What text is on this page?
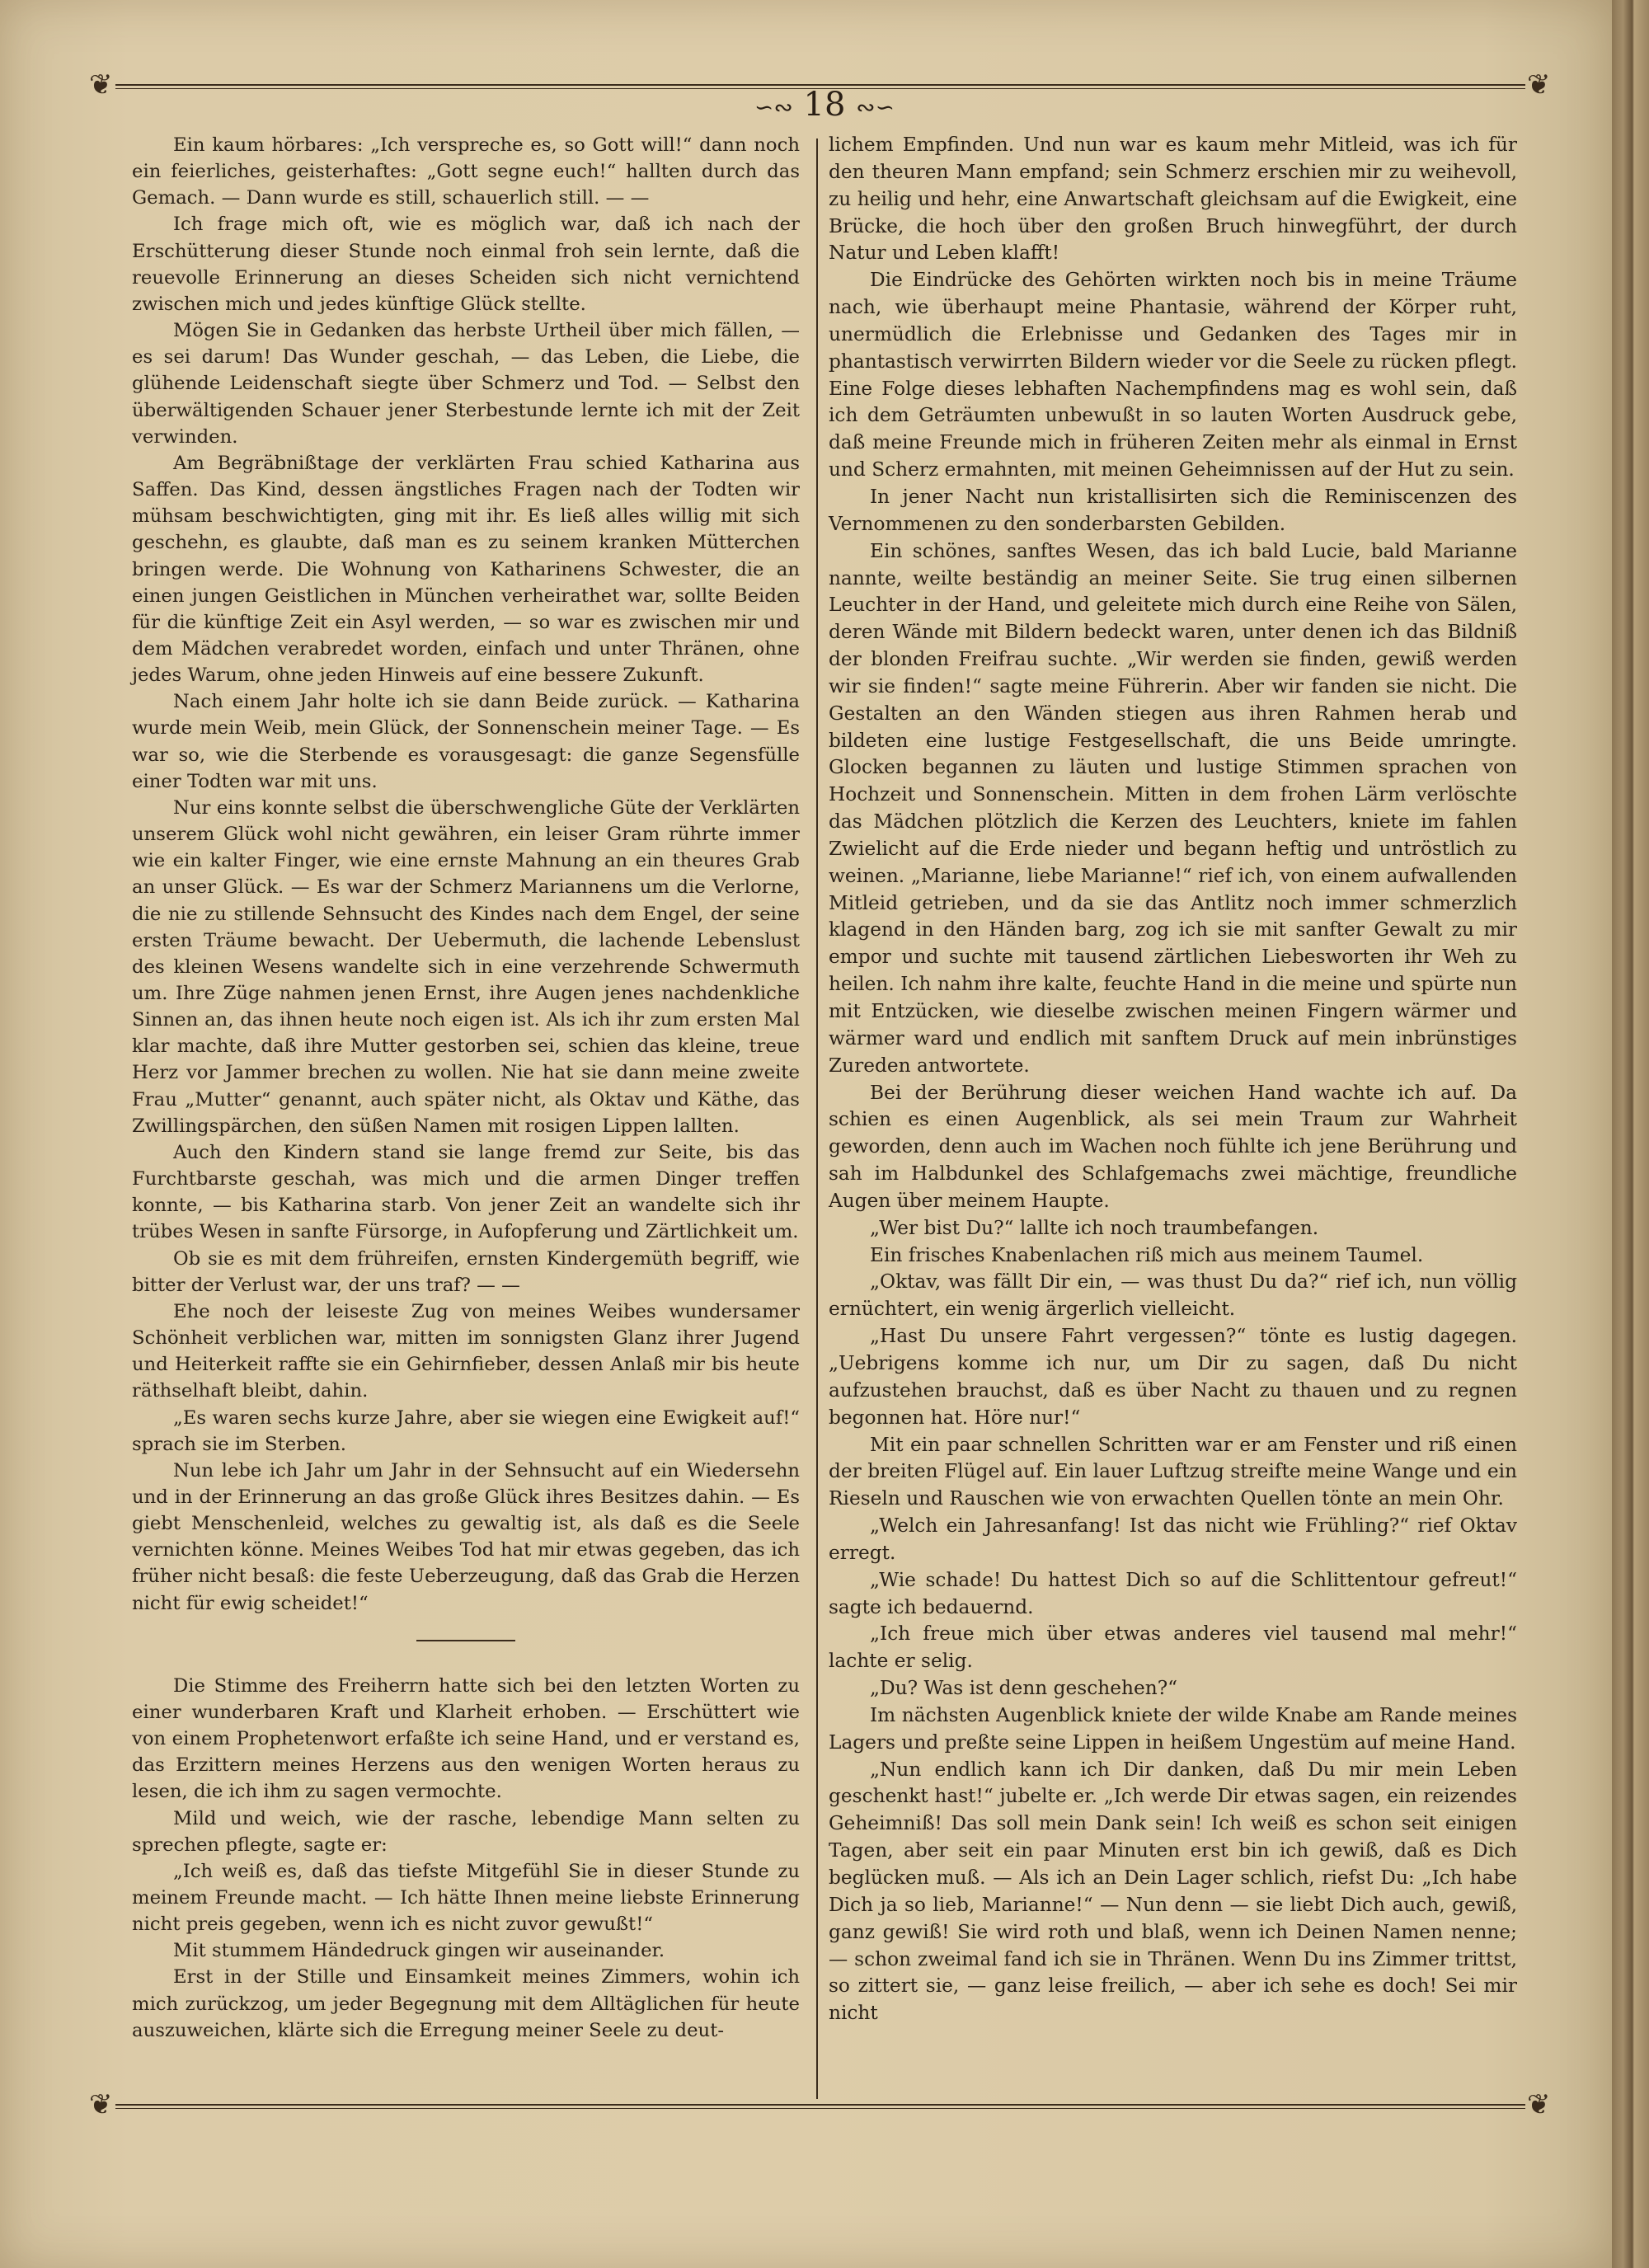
❦	❦
❦	❦
∽∾ 18 ∾∽

Ein kaum hörbares: „Ich verspreche es, so Gott will!“ dann noch ein feierliches, geisterhaftes: „Gott segne euch!“ hallten durch das Gemach. — Dann wurde es still, schauerlich still. — —

Ich frage mich oft, wie es möglich war, daß ich nach der Erschütterung dieser Stunde noch einmal froh sein lernte, daß die reuevolle Erinnerung an dieses Scheiden sich nicht vernichtend zwischen mich und jedes künftige Glück stellte.

Mögen Sie in Gedanken das herbste Urtheil über mich fällen, — es sei darum! Das Wunder geschah, — das Leben, die Liebe, die glühende Leidenschaft siegte über Schmerz und Tod. — Selbst den überwältigenden Schauer jener Sterbestunde lernte ich mit der Zeit verwinden.

Am Begräbnißtage der verklärten Frau schied Katharina aus Saffen. Das Kind, dessen ängstliches Fragen nach der Todten wir mühsam beschwichtigten, ging mit ihr. Es ließ alles willig mit sich geschehn, es glaubte, daß man es zu seinem kranken Mütterchen bringen werde. Die Wohnung von Katharinens Schwester, die an einen jungen Geistlichen in München verheirathet war, sollte Beiden für die künftige Zeit ein Asyl werden, — so war es zwischen mir und dem Mädchen verabredet worden, einfach und unter Thränen, ohne jedes Warum, ohne jeden Hinweis auf eine bessere Zukunft.

Nach einem Jahr holte ich sie dann Beide zurück. — Katharina wurde mein Weib, mein Glück, der Sonnenschein meiner Tage. — Es war so, wie die Sterbende es vorausgesagt: die ganze Segensfülle einer Todten war mit uns.

Nur eins konnte selbst die überschwengliche Güte der Verklärten unserem Glück wohl nicht gewähren, ein leiser Gram rührte immer wie ein kalter Finger, wie eine ernste Mahnung an ein theures Grab an unser Glück. — Es war der Schmerz Mariannens um die Verlorne, die nie zu stillende Sehnsucht des Kindes nach dem Engel, der seine ersten Träume bewacht. Der Uebermuth, die lachende Lebenslust des kleinen Wesens wandelte sich in eine verzehrende Schwermuth um. Ihre Züge nahmen jenen Ernst, ihre Augen jenes nachdenkliche Sinnen an, das ihnen heute noch eigen ist. Als ich ihr zum ersten Mal klar machte, daß ihre Mutter gestorben sei, schien das kleine, treue Herz vor Jammer brechen zu wollen. Nie hat sie dann meine zweite Frau „Mutter“ genannt, auch später nicht, als Oktav und Käthe, das Zwillingspärchen, den süßen Namen mit rosigen Lippen lallten.

Auch den Kindern stand sie lange fremd zur Seite, bis das Furchtbarste geschah, was mich und die armen Dinger treffen konnte, — bis Katharina starb. Von jener Zeit an wandelte sich ihr trübes Wesen in sanfte Fürsorge, in Aufopferung und Zärtlichkeit um.

Ob sie es mit dem frühreifen, ernsten Kindergemüth begriff, wie bitter der Verlust war, der uns traf? — —

Ehe noch der leiseste Zug von meines Weibes wundersamer Schönheit verblichen war, mitten im sonnigsten Glanz ihrer Jugend und Heiterkeit raffte sie ein Gehirnfieber, dessen Anlaß mir bis heute räthselhaft bleibt, dahin.

„Es waren sechs kurze Jahre, aber sie wiegen eine Ewigkeit auf!“ sprach sie im Sterben.

Nun lebe ich Jahr um Jahr in der Sehnsucht auf ein Wiedersehn und in der Erinnerung an das große Glück ihres Besitzes dahin. — Es giebt Menschenleid, welches zu gewaltig ist, als daß es die Seele vernichten könne. Meines Weibes Tod hat mir etwas gegeben, das ich früher nicht besaß: die feste Ueberzeugung, daß das Grab die Herzen nicht für ewig scheidet!“

Die Stimme des Freiherrn hatte sich bei den letzten Worten zu einer wunderbaren Kraft und Klarheit erhoben. — Erschüttert wie von einem Prophetenwort erfaßte ich seine Hand, und er verstand es, das Erzittern meines Herzens aus den wenigen Worten heraus zu lesen, die ich ihm zu sagen vermochte.

Mild und weich, wie der rasche, lebendige Mann selten zu sprechen pflegte, sagte er:

„Ich weiß es, daß das tiefste Mitgefühl Sie in dieser Stunde zu meinem Freunde macht. — Ich hätte Ihnen meine liebste Erinnerung nicht preis gegeben, wenn ich es nicht zuvor gewußt!“

Mit stummem Händedruck gingen wir auseinander.

Erst in der Stille und Einsamkeit meines Zimmers, wohin ich mich zurückzog, um jeder Begegnung mit dem Alltäglichen für heute auszuweichen, klärte sich die Erregung meiner Seele zu deut-

lichem Empfinden. Und nun war es kaum mehr Mitleid, was ich für den theuren Mann empfand; sein Schmerz erschien mir zu weihevoll, zu heilig und hehr, eine Anwartschaft gleichsam auf die Ewigkeit, eine Brücke, die hoch über den großen Bruch hinwegführt, der durch Natur und Leben klafft!

Die Eindrücke des Gehörten wirkten noch bis in meine Träume nach, wie überhaupt meine Phantasie, während der Körper ruht, unermüdlich die Erlebnisse und Gedanken des Tages mir in phantastisch verwirrten Bildern wieder vor die Seele zu rücken pflegt. Eine Folge dieses lebhaften Nachempfindens mag es wohl sein, daß ich dem Geträumten unbewußt in so lauten Worten Ausdruck gebe, daß meine Freunde mich in früheren Zeiten mehr als einmal in Ernst und Scherz ermahnten, mit meinen Geheimnissen auf der Hut zu sein.

In jener Nacht nun kristallisirten sich die Reminiscenzen des Vernommenen zu den sonderbarsten Gebilden.

Ein schönes, sanftes Wesen, das ich bald Lucie, bald Marianne nannte, weilte beständig an meiner Seite. Sie trug einen silbernen Leuchter in der Hand, und geleitete mich durch eine Reihe von Sälen, deren Wände mit Bildern bedeckt waren, unter denen ich das Bildniß der blonden Freifrau suchte. „Wir werden sie finden, gewiß werden wir sie finden!“ sagte meine Führerin. Aber wir fanden sie nicht. Die Gestalten an den Wänden stiegen aus ihren Rahmen herab und bildeten eine lustige Festgesellschaft, die uns Beide umringte. Glocken begannen zu läuten und lustige Stimmen sprachen von Hochzeit und Sonnenschein. Mitten in dem frohen Lärm verlöschte das Mädchen plötzlich die Kerzen des Leuchters, kniete im fahlen Zwielicht auf die Erde nieder und begann heftig und untröstlich zu weinen. „Marianne, liebe Marianne!“ rief ich, von einem aufwallenden Mitleid getrieben, und da sie das Antlitz noch immer schmerzlich klagend in den Händen barg, zog ich sie mit sanfter Gewalt zu mir empor und suchte mit tausend zärtlichen Liebesworten ihr Weh zu heilen. Ich nahm ihre kalte, feuchte Hand in die meine und spürte nun mit Entzücken, wie dieselbe zwischen meinen Fingern wärmer und wärmer ward und endlich mit sanftem Druck auf mein inbrünstiges Zureden antwortete.

Bei der Berührung dieser weichen Hand wachte ich auf. Da schien es einen Augenblick, als sei mein Traum zur Wahrheit geworden, denn auch im Wachen noch fühlte ich jene Berührung und sah im Halbdunkel des Schlafgemachs zwei mächtige, freundliche Augen über meinem Haupte.

„Wer bist Du?“ lallte ich noch traumbefangen.

Ein frisches Knabenlachen riß mich aus meinem Taumel.

„Oktav, was fällt Dir ein, — was thust Du da?“ rief ich, nun völlig ernüchtert, ein wenig ärgerlich vielleicht.

„Hast Du unsere Fahrt vergessen?“ tönte es lustig dagegen. „Uebrigens komme ich nur, um Dir zu sagen, daß Du nicht aufzustehen brauchst, daß es über Nacht zu thauen und zu regnen begonnen hat. Höre nur!“

Mit ein paar schnellen Schritten war er am Fenster und riß einen der breiten Flügel auf. Ein lauer Luftzug streifte meine Wange und ein Rieseln und Rauschen wie von erwachten Quellen tönte an mein Ohr.

„Welch ein Jahresanfang! Ist das nicht wie Frühling?“ rief Oktav erregt.

„Wie schade! Du hattest Dich so auf die Schlittentour gefreut!“ sagte ich bedauernd.

„Ich freue mich über etwas anderes viel tausend mal mehr!“ lachte er selig.

„Du? Was ist denn geschehen?“

Im nächsten Augenblick kniete der wilde Knabe am Rande meines Lagers und preßte seine Lippen in heißem Ungestüm auf meine Hand.

„Nun endlich kann ich Dir danken, daß Du mir mein Leben geschenkt hast!“ jubelte er. „Ich werde Dir etwas sagen, ein reizendes Geheimniß! Das soll mein Dank sein! Ich weiß es schon seit einigen Tagen, aber seit ein paar Minuten erst bin ich gewiß, daß es Dich beglücken muß. — Als ich an Dein Lager schlich, riefst Du: „Ich habe Dich ja so lieb, Marianne!“ — Nun denn — sie liebt Dich auch, gewiß, ganz gewiß! Sie wird roth und blaß, wenn ich Deinen Namen nenne; — schon zweimal fand ich sie in Thränen. Wenn Du ins Zimmer trittst, so zittert sie, — ganz leise freilich, — aber ich sehe es doch! Sei mir nicht
